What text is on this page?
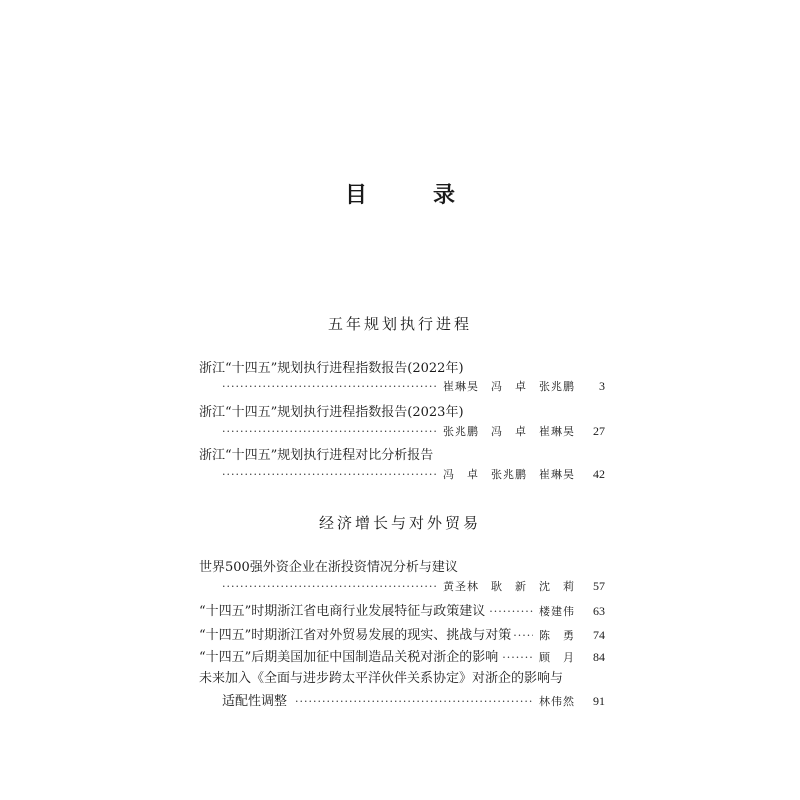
目　录
五年规划执行进程
浙江“十四五”规划执行进程指数报告(2022年)
·····
崔琳昊　冯　卓　张兆鹏	3
浙江“十四五”规划执行进程指数报告(2023年)
·····
张兆鹏　冯　卓　崔琳昊	27
浙江“十四五”规划执行进程对比分析报告
·····
冯　卓　张兆鹏　崔琳昊	42
经济增长与对外贸易
世界500强外资企业在浙投资情况分析与建议
·····
黄圣林　耿　新　沈　莉	57
“十四五”时期浙江省电商行业发展特征与政策建议 ·····	楼建伟	63
“十四五”时期浙江省对外贸易发展的现实、挑战与对策 ·····	陈　勇	74
“十四五”后期美国加征中国制造品关税对浙企的影响 ·····	顾　月	84
未来加入《全面与进步跨太平洋伙伴关系协定》对浙企的影响与
适配性调整 ·····	林伟然	91
